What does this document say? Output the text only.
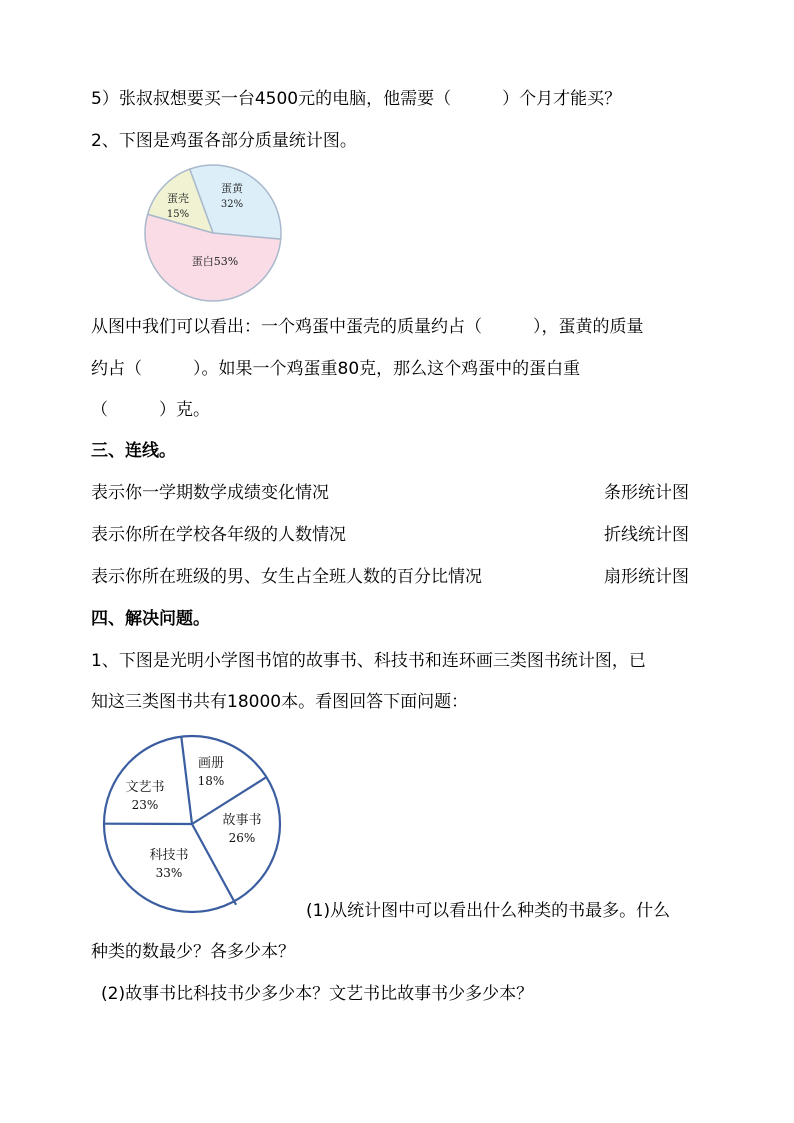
5）张叔叔想要买一台4500元的电脑，他需要（　　　）个月才能买？
2、下图是鸡蛋各部分质量统计图。
蛋黄
32%
蛋白53%
蛋壳
15%
从图中我们可以看出：一个鸡蛋中蛋壳的质量约占（　　　），蛋黄的质量
约占（　　　）。如果一个鸡蛋重80克，那么这个鸡蛋中的蛋白重
（　　　）克。
三、连线。
表示你一学期数学成绩变化情况	条形统计图
表示你所在学校各年级的人数情况	折线统计图
表示你所在班级的男、女生占全班人数的百分比情况	扇形统计图
四、解决问题。
1、下图是光明小学图书馆的故事书、科技书和连环画三类图书统计图，已
知这三类图书共有18000本。看图回答下面问题：
画册
18%
故事书
26%
科技书
33%
文艺书
23%
(1)从统计图中可以看出什么种类的书最多。什么
种类的数最少？各多少本？
(2)故事书比科技书少多少本？文艺书比故事书少多少本？
